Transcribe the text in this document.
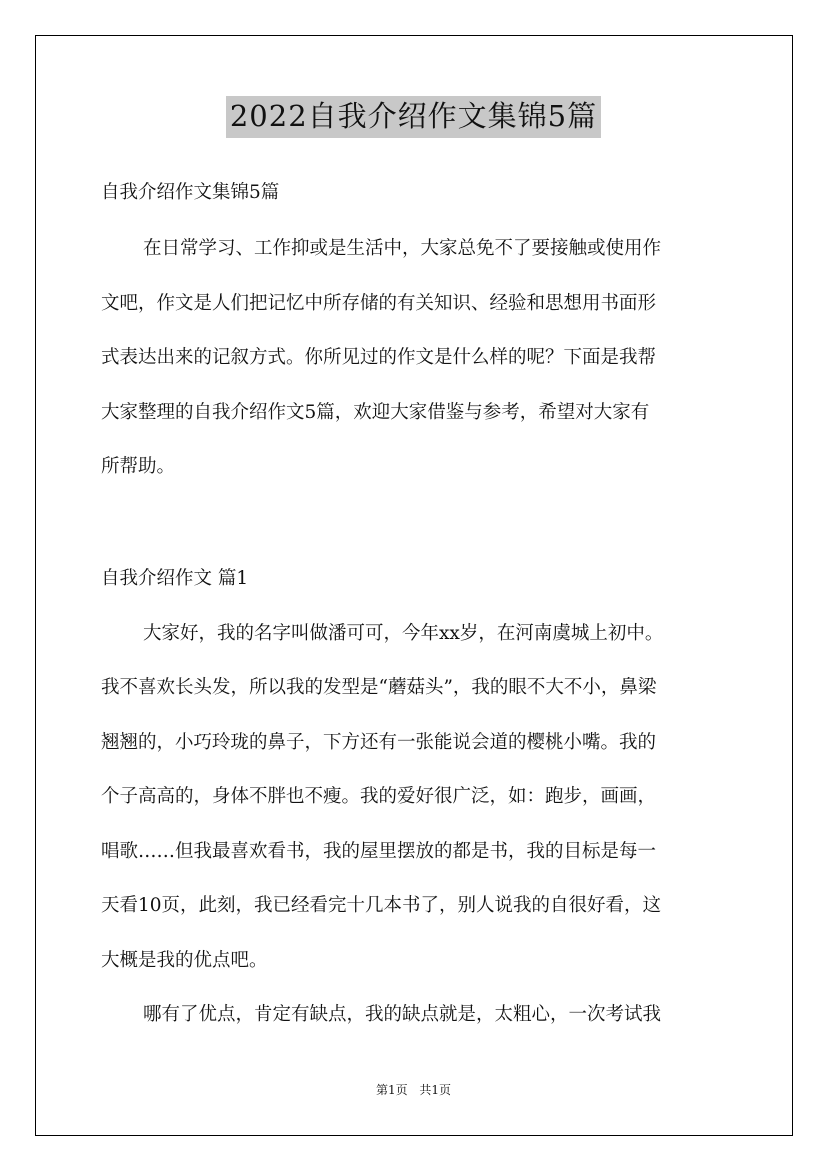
2022自我介绍作文集锦5篇
自我介绍作文集锦5篇
在日常学习、工作抑或是生活中，大家总免不了要接触或使用作
文吧，作文是人们把记忆中所存储的有关知识、经验和思想用书面形
式表达出来的记叙方式。你所见过的作文是什么样的呢？下面是我帮
大家整理的自我介绍作文5篇，欢迎大家借鉴与参考，希望对大家有
所帮助。
自我介绍作文 篇1
大家好，我的名字叫做潘可可，今年xx岁，在河南虞城上初中。
我不喜欢长头发，所以我的发型是“蘑菇头”，我的眼不大不小，鼻梁
翘翘的，小巧玲珑的鼻子，下方还有一张能说会道的樱桃小嘴。我的
个子高高的，身体不胖也不瘦。我的爱好很广泛，如：跑步，画画，
唱歌……但我最喜欢看书，我的屋里摆放的都是书，我的目标是每一
天看10页，此刻，我已经看完十几本书了，别人说我的自很好看，这
大概是我的优点吧。
哪有了优点，肯定有缺点，我的缺点就是，太粗心，一次考试我
第1页 共1页
